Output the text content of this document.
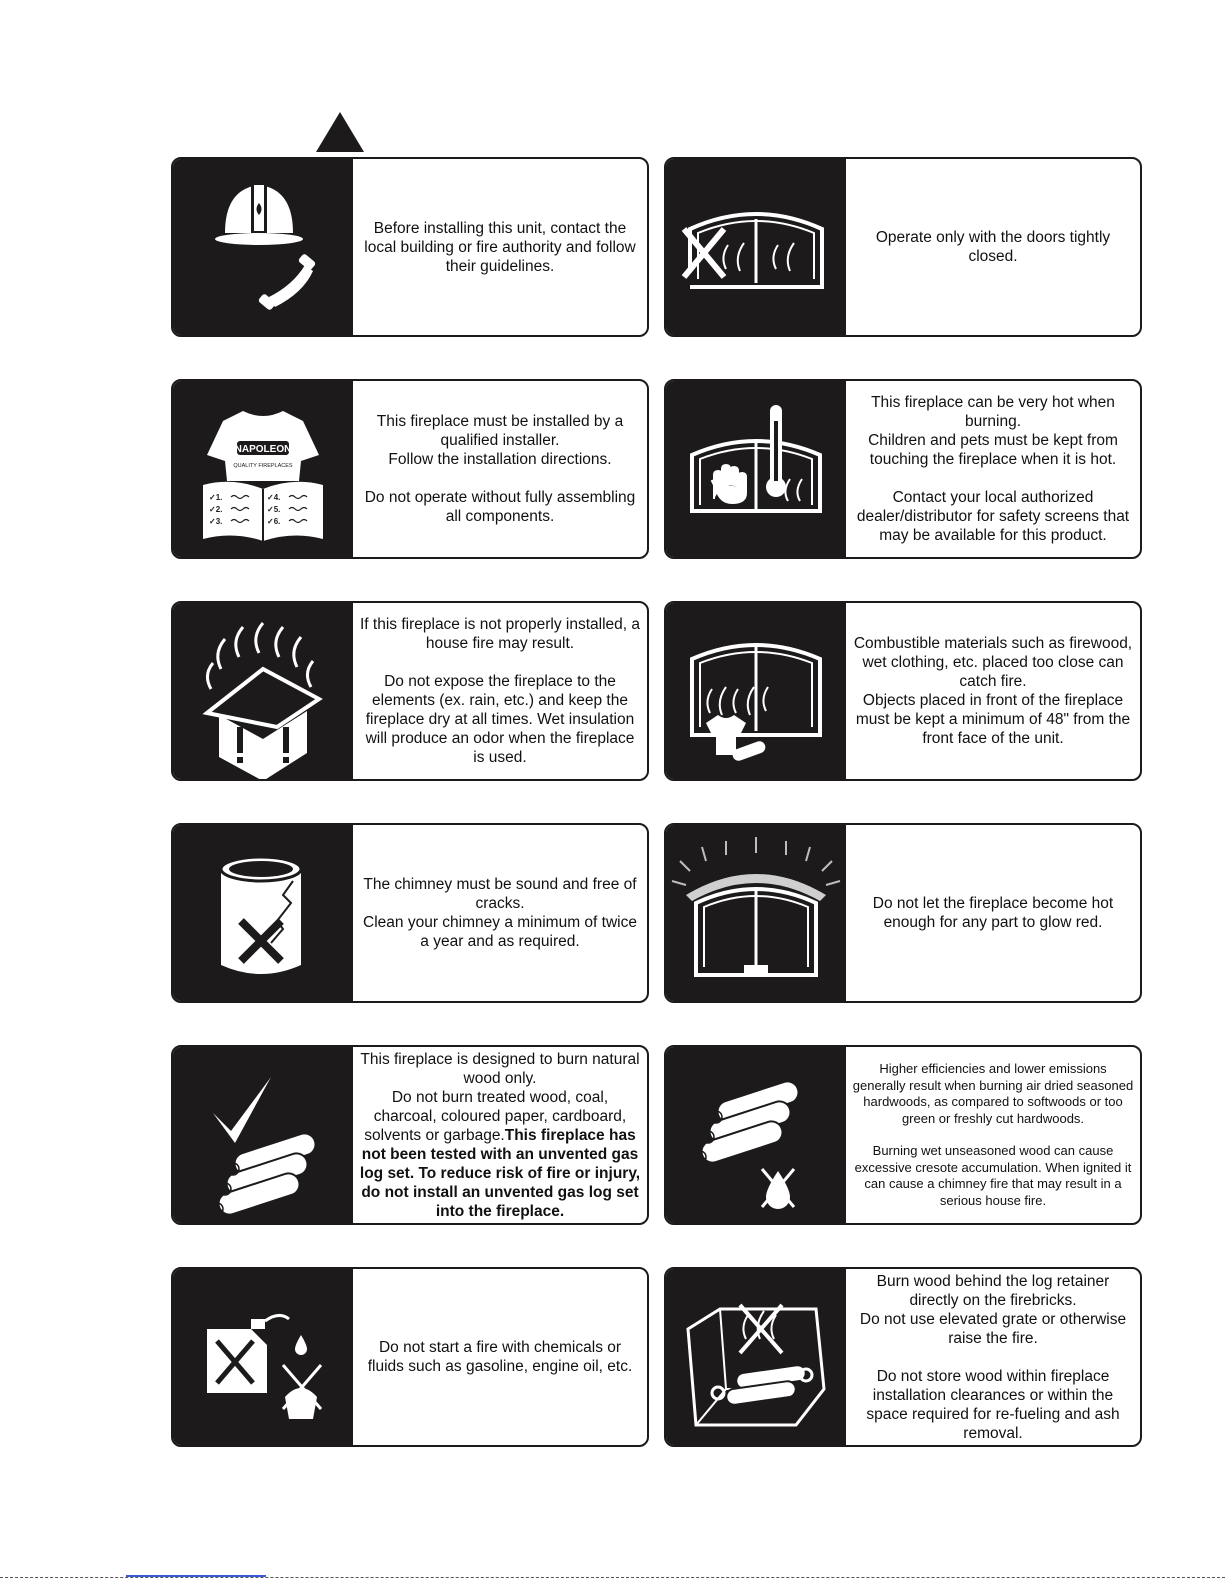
Before installing this unit, contact the local building or fire authority and follow their guidelines.

Operate only with the doors tightly closed.

NAPOLEON
QUALITY FIREPLACES
✓1.
✓2.
✓3.
✓4.
✓5.
✓6.

This fireplace must be installed by a qualified installer.
Follow the installation directions.

Do not operate without fully assembling all components.

This fireplace can be very hot when burning.
Children and pets must be kept from touching the fireplace when it is hot.

Contact your local authorized dealer/distributor for safety screens that may be available for this product.

If this fireplace is not properly installed, a house fire may result.

Do not expose the fireplace to the elements (ex. rain, etc.) and keep the fireplace dry at all times. Wet insulation will produce an odor when the fireplace is used.

Combustible materials such as firewood, wet clothing, etc. placed too close can catch fire.
Objects placed in front of the fireplace must be kept a minimum of 48" from the front face of the unit.

The chimney must be sound and free of cracks.
Clean your chimney a minimum of twice a year and as required.

Do not let the fireplace become hot enough for any part to glow red.

This fireplace is designed to burn natural wood only.
Do not burn treated wood, coal, charcoal, coloured paper, cardboard, solvents or garbage.This fireplace has not been tested with an unvented gas log set. To reduce risk of fire or injury, do not install an unvented gas log set into the fireplace.

Higher efficiencies and lower emissions generally result when burning air dried seasoned hardwoods, as compared to softwoods or too green or freshly cut hardwoods.

Burning wet unseasoned wood can cause excessive cresote accumulation. When ignited it can cause a chimney fire that may result in a serious house fire.

Do not start a fire with chemicals or fluids such as gasoline, engine oil, etc.

Burn wood behind the log retainer directly on the firebricks.
Do not use elevated grate or otherwise raise the fire.

Do not store wood within fireplace installation clearances or within the space required for re-fueling and ash removal.
